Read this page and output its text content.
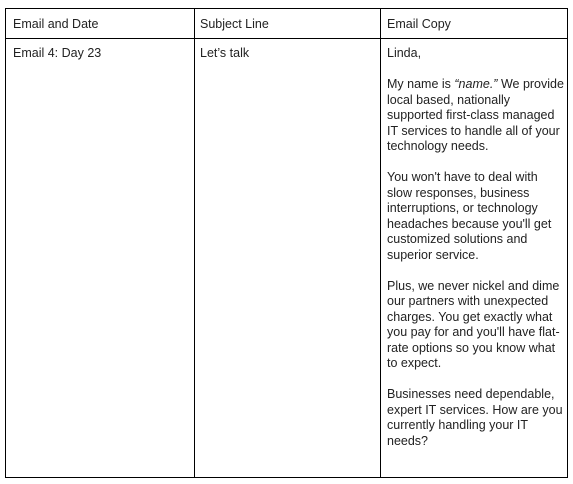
Email and Date	Subject Line	Email Copy
Email 4: Day 23	Let’s talk	Linda,

My name is “name.” We provide local based, nationally supported first-class managed IT services to handle all of your technology needs.

You won't have to deal with slow responses, business interruptions, or technology headaches because you'll get customized solutions and superior service.

Plus, we never nickel and dime our partners with unexpected charges. You get exactly what you pay for and you'll have flat-rate options so you know what to expect.

Businesses need dependable, expert IT services. How are you currently handling your IT needs?
